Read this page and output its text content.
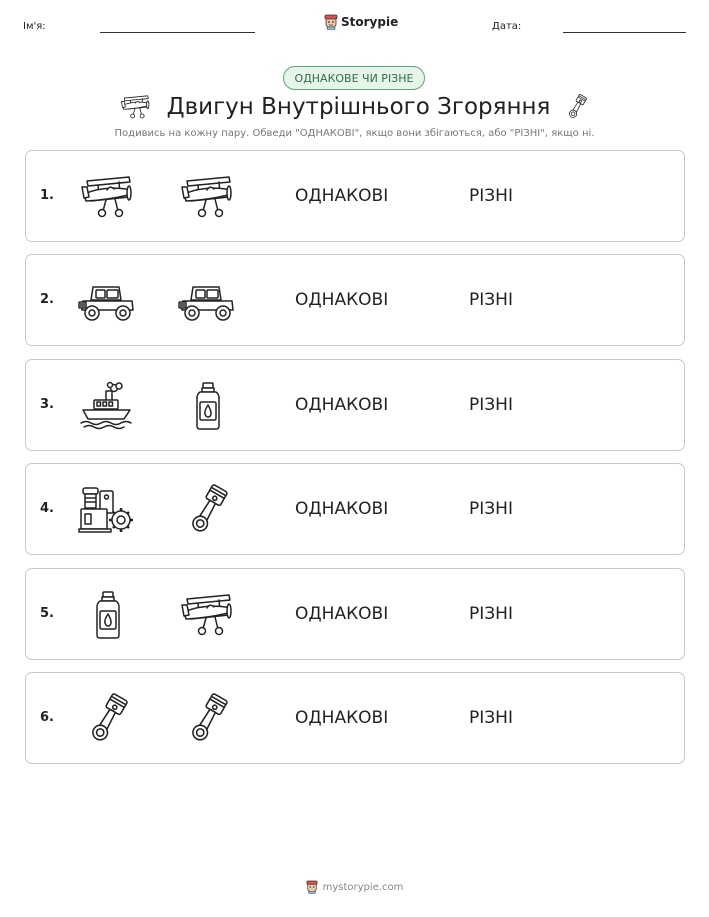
Ім'я:	Storypie	Дата:
ОДНАКОВЕ ЧИ РІЗНЕ
Двигун Внутрішнього Згоряння
Подивись на кожну пару. Обведи "ОДНАКОВІ", якщо вони збігаються, або "РІЗНІ", якщо ні.
1.	ОДНАКОВІ	РІЗНІ
2.	ОДНАКОВІ	РІЗНІ
3.	ОДНАКОВІ	РІЗНІ
4.	ОДНАКОВІ	РІЗНІ
5.	ОДНАКОВІ	РІЗНІ
6.	ОДНАКОВІ	РІЗНІ
mystorypie.com
